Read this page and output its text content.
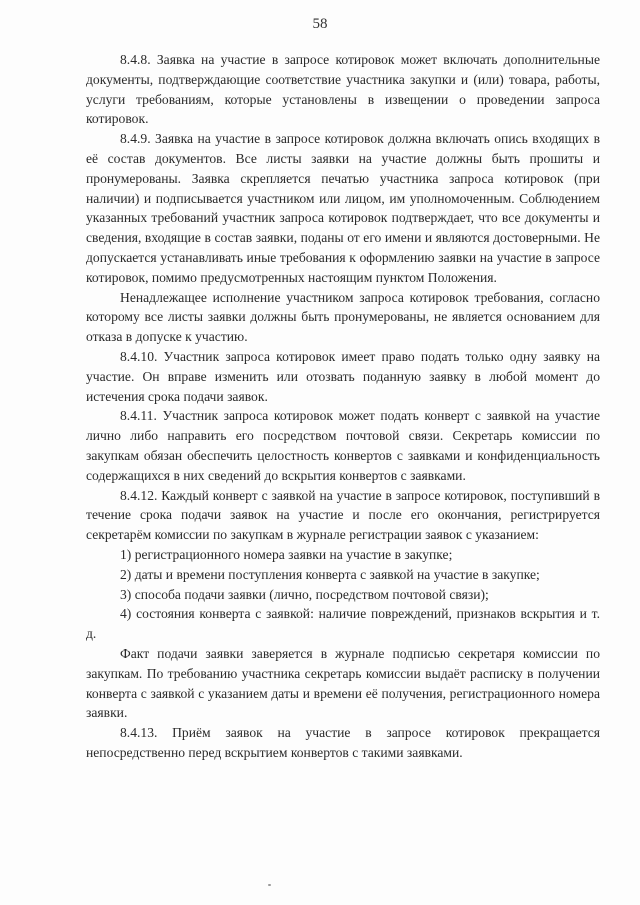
58

8.4.8. Заявка на участие в запросе котировок может включать дополнительные документы, подтверждающие соответствие участника закупки и (или) товара, работы, услуги требованиям, которые установлены в извещении о проведении запроса котировок.

8.4.9. Заявка на участие в запросе котировок должна включать опись входящих в её состав документов. Все листы заявки на участие должны быть прошиты и пронумерованы. Заявка скрепляется печатью участника запроса котировок (при наличии) и подписывается участником или лицом, им уполномоченным. Соблюдением указанных требований участник запроса котировок подтверждает, что все документы и сведения, входящие в состав заявки, поданы от его имени и являются достоверными. Не допускается устанавливать иные требования к оформлению заявки на участие в запросе котировок, помимо предусмотренных настоящим пунктом Положения.

Ненадлежащее исполнение участником запроса котировок требования, согласно которому все листы заявки должны быть пронумерованы, не является основанием для отказа в допуске к участию.

8.4.10. Участник запроса котировок имеет право подать только одну заявку на участие. Он вправе изменить или отозвать поданную заявку в любой момент до истечения срока подачи заявок.

8.4.11. Участник запроса котировок может подать конверт с заявкой на участие лично либо направить его посредством почтовой связи. Секретарь комиссии по закупкам обязан обеспечить целостность конвертов с заявками и конфиденциальность содержащихся в них сведений до вскрытия конвертов с заявками.

8.4.12. Каждый конверт с заявкой на участие в запросе котировок, поступивший в течение срока подачи заявок на участие и после его окончания, регистрируется секретарём комиссии по закупкам в журнале регистрации заявок с указанием:

1) регистрационного номера заявки на участие в закупке;
2) даты и времени поступления конверта с заявкой на участие в закупке;
3) способа подачи заявки (лично, посредством почтовой связи);
4) состояния конверта с заявкой: наличие повреждений, признаков вскрытия и т. д.

Факт подачи заявки заверяется в журнале подписью секретаря комиссии по закупкам. По требованию участника секретарь комиссии выдаёт расписку в получении конверта с заявкой с указанием даты и времени её получения, регистрационного номера заявки.

8.4.13. Приём заявок на участие в запросе котировок прекращается непосредственно перед вскрытием конвертов с такими заявками.
